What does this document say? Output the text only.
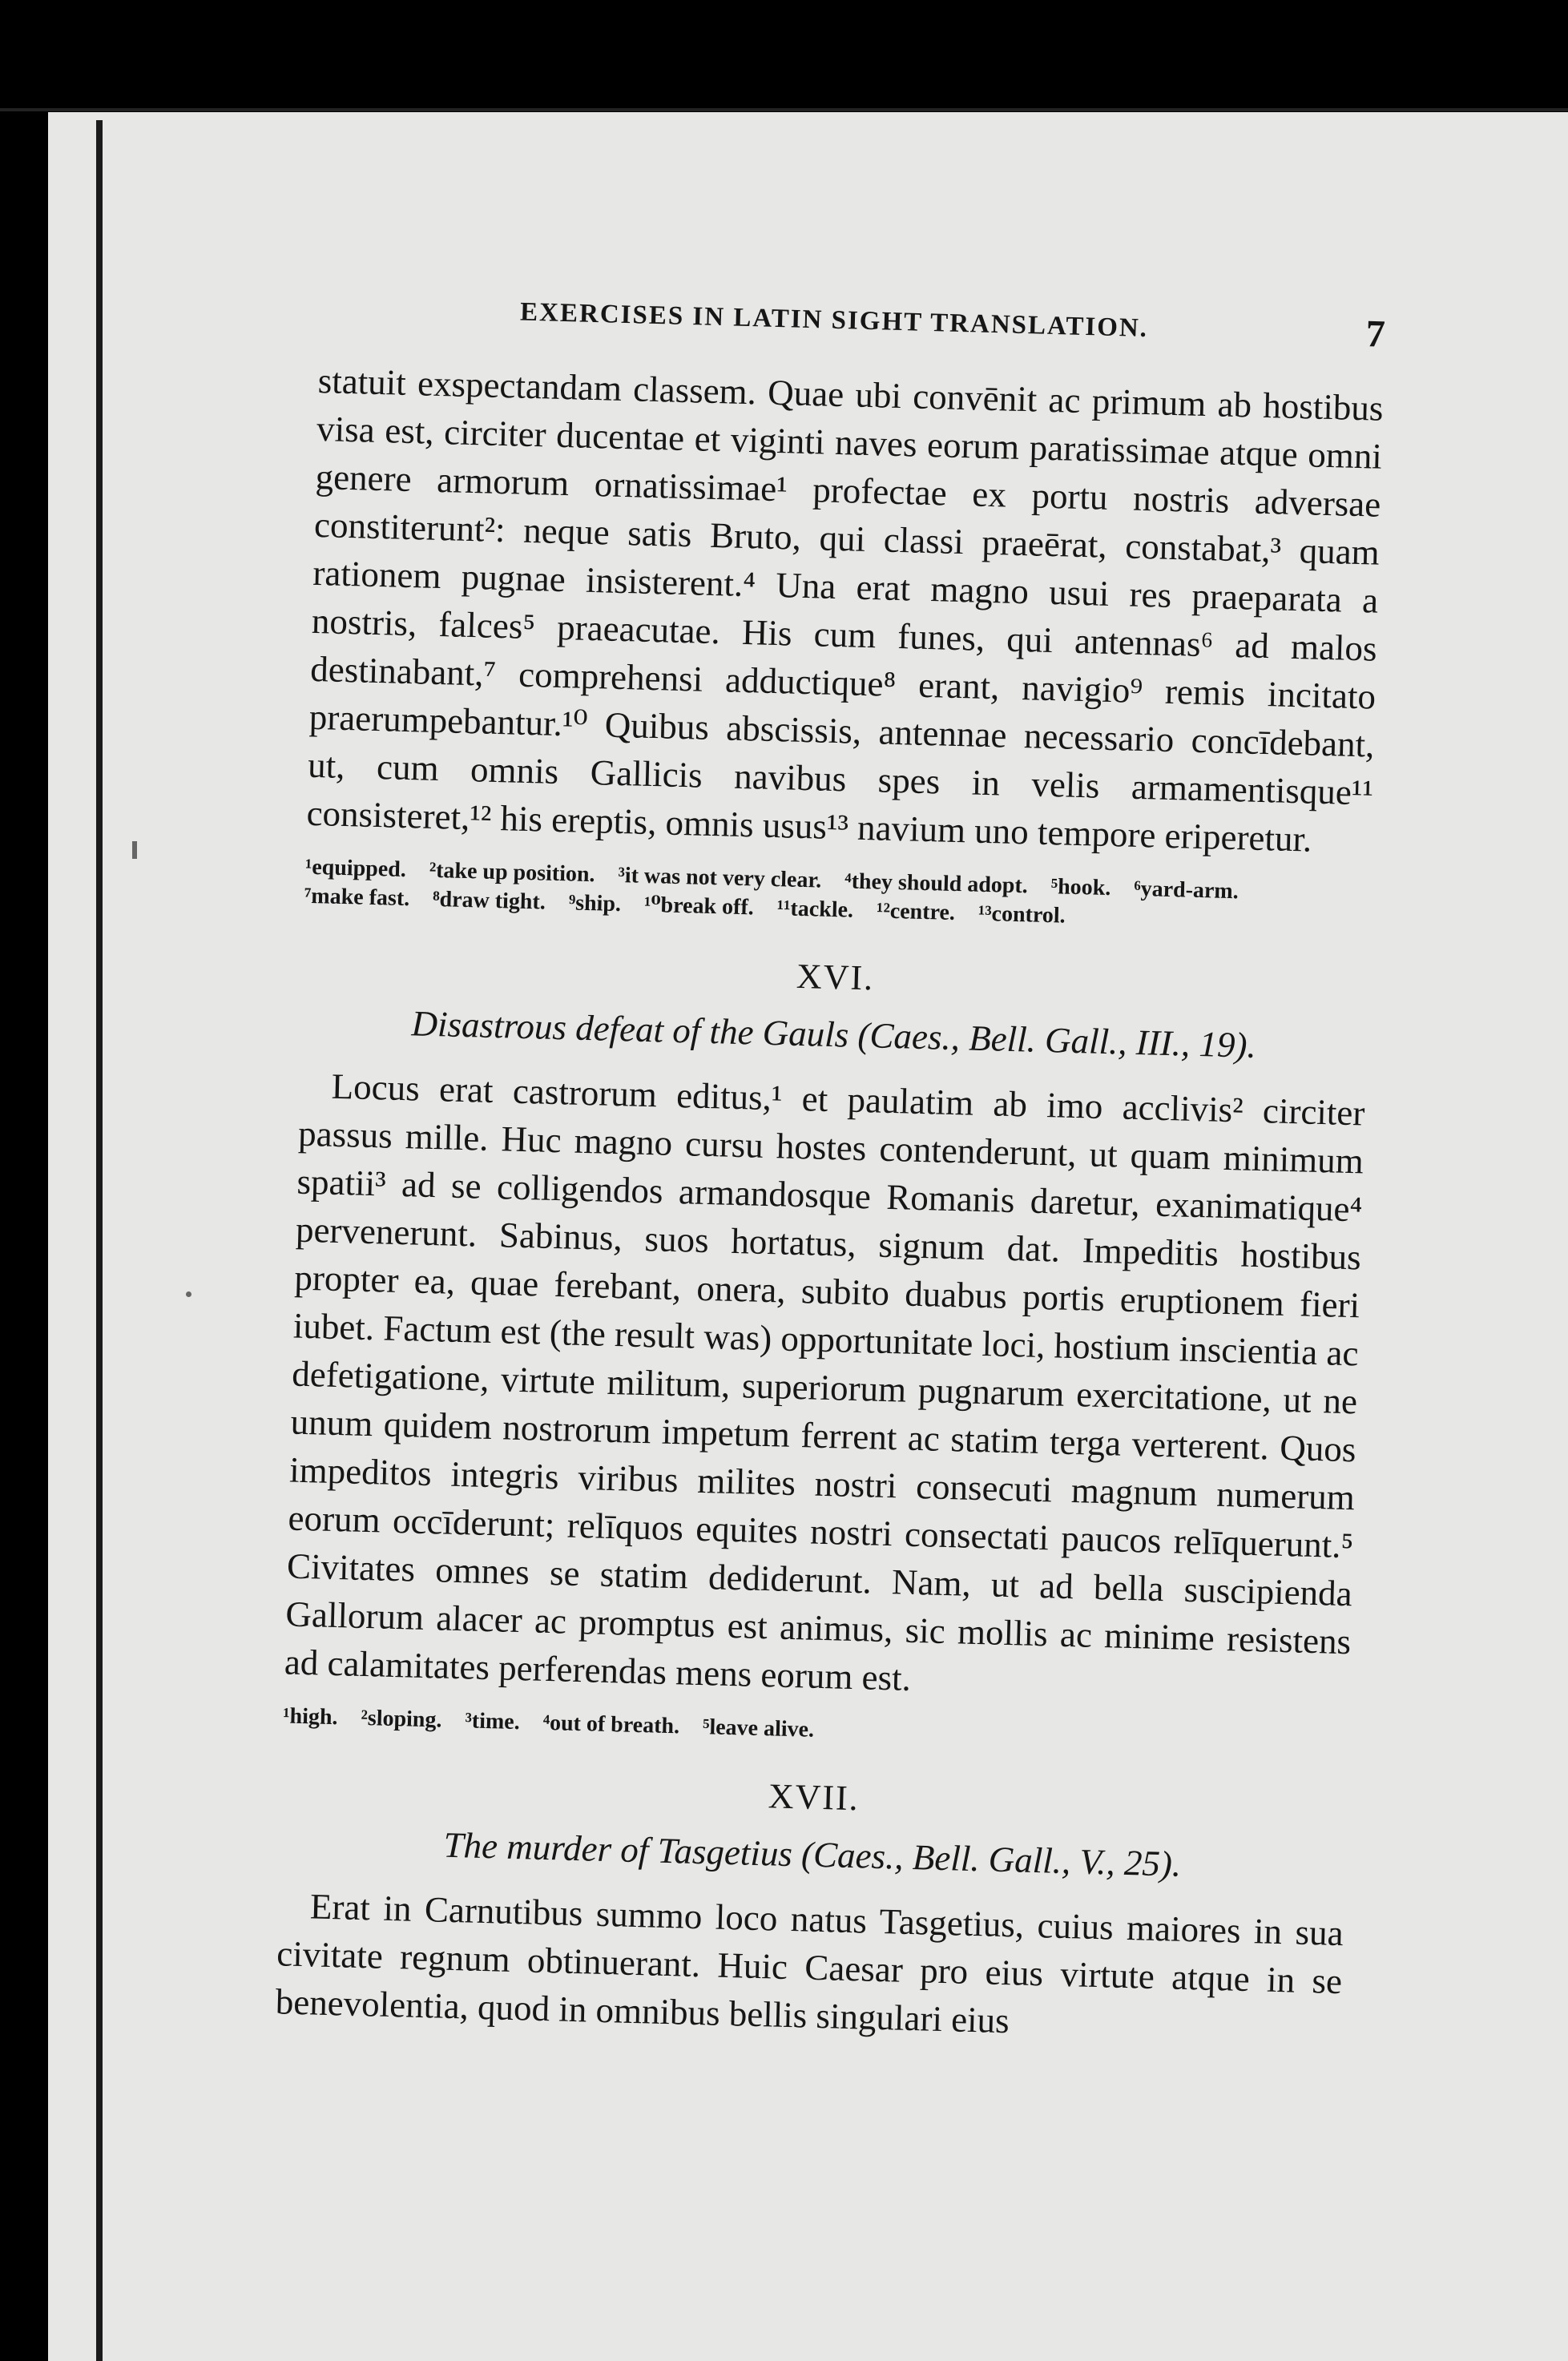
EXERCISES IN LATIN SIGHT TRANSLATION.	7

statuit exspectandam classem. Quae ubi convēnit ac primum ab hostibus visa est, circiter ducentae et viginti naves eorum paratissimae atque omni genere armorum ornatissimae¹ profectae ex portu nostris adversae constiterunt²: neque satis Bruto, qui classi praeērat, constabat,³ quam rationem pugnae insisterent.⁴ Una erat magno usui res praeparata a nostris, falces⁵ praeacutae. His cum funes, qui antennas⁶ ad malos destinabant,⁷ comprehensi adductique⁸ erant, navigio⁹ remis incitato praerumpebantur.¹⁰ Quibus abscissis, antennae necessario concīdebant, ut, cum omnis Gallicis navibus spes in velis armamentisque¹¹ consisteret,¹² his ereptis, omnis usus¹³ navium uno tempore eriperetur.

¹equipped. ²take up position. ³it was not very clear. ⁴they should adopt. ⁵hook. ⁶yard-arm. ⁷make fast. ⁸draw tight. ⁹ship. ¹⁰break off. ¹¹tackle. ¹²centre. ¹³control.
XVI.
Disastrous defeat of the Gauls (Caes., Bell. Gall., III., 19).

Locus erat castrorum editus,¹ et paulatim ab imo acclivis² circiter passus mille. Huc magno cursu hostes contenderunt, ut quam minimum spatii³ ad se colligendos armandosque Romanis daretur, exanimatique⁴ pervenerunt. Sabinus, suos hortatus, signum dat. Impeditis hostibus propter ea, quae ferebant, onera, subito duabus portis eruptionem fieri iubet. Factum est (the result was) opportunitate loci, hostium inscientia ac defetigatione, virtute militum, superiorum pugnarum exercitatione, ut ne unum quidem nostrorum impetum ferrent ac statim terga verterent. Quos impeditos integris viribus milites nostri consecuti magnum numerum eorum occīderunt; relīquos equites nostri consectati paucos relīquerunt.⁵ Civitates omnes se statim dediderunt. Nam, ut ad bella suscipienda Gallorum alacer ac promptus est animus, sic mollis ac minime resistens ad calamitates perferendas mens eorum est.

¹high. ²sloping. ³time. ⁴out of breath. ⁵leave alive.
XVII.
The murder of Tasgetius (Caes., Bell. Gall., V., 25).

Erat in Carnutibus summo loco natus Tasgetius, cuius maiores in sua civitate regnum obtinuerant. Huic Caesar pro eius virtute atque in se benevolentia, quod in omnibus bellis singulari eius
